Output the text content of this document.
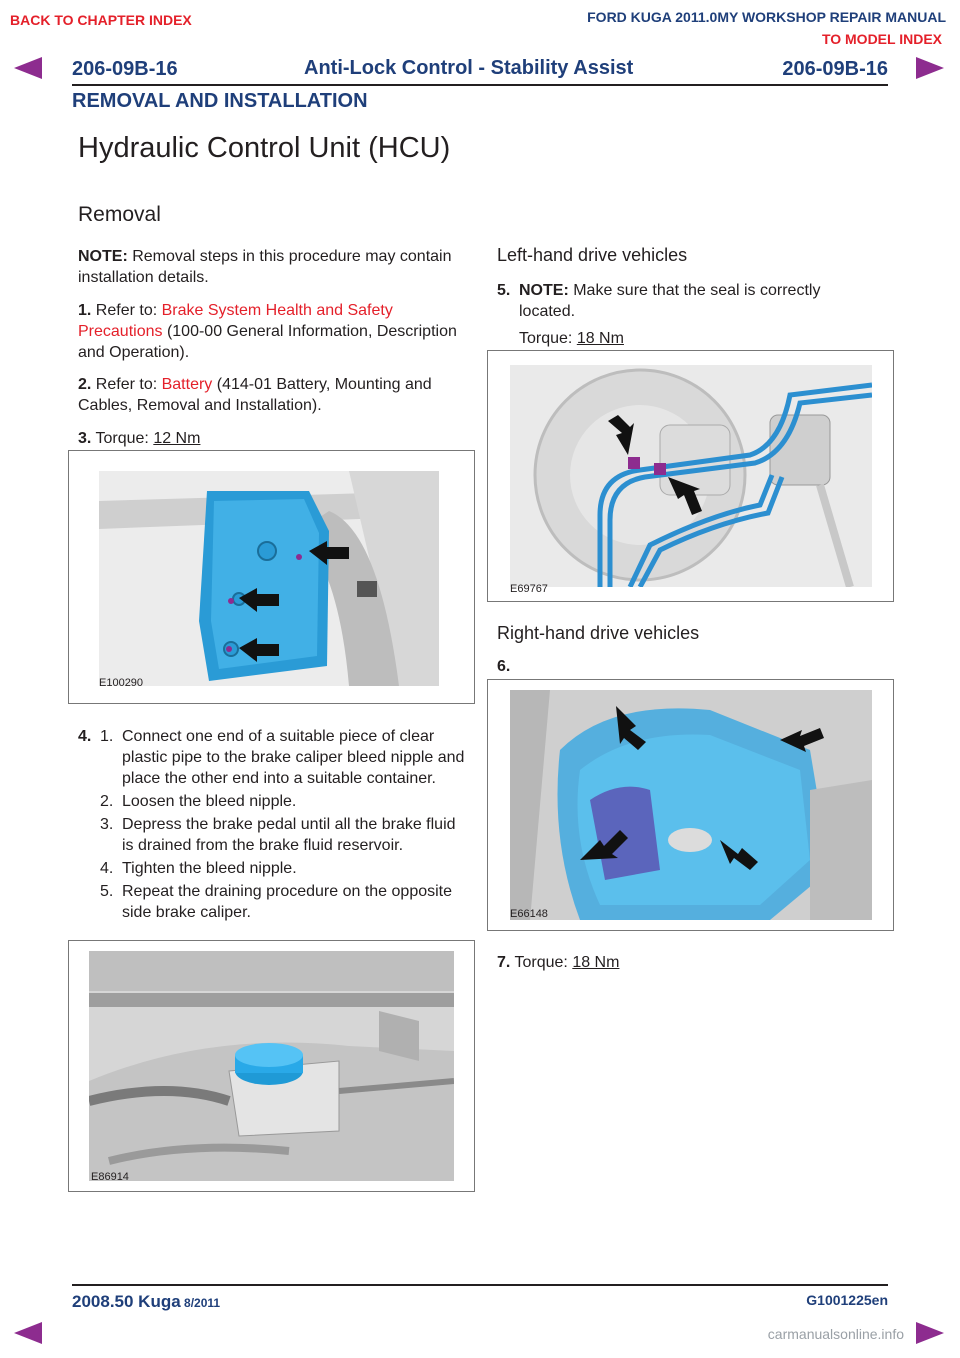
BACK TO CHAPTER INDEX	FORD KUGA 2011.0MY WORKSHOP REPAIR MANUAL
TO MODEL INDEX
206-09B-16	Anti-Lock Control - Stability Assist	206-09B-16
REMOVAL AND INSTALLATION
Hydraulic Control Unit (HCU)
Removal
NOTE: Removal steps in this procedure may contain installation details.
1. Refer to: Brake System Health and Safety Precautions (100-00 General Information, Description and Operation).
2. Refer to: Battery (414-01 Battery, Mounting and Cables, Removal and Installation).
3. Torque: 12 Nm
E100290
4. 1. Connect one end of a suitable piece of clear plastic pipe to the brake caliper bleed nipple and place the other end into a suitable container.
2. Loosen the bleed nipple.
3. Depress the brake pedal until all the brake fluid is drained from the brake fluid reservoir.
4. Tighten the bleed nipple.
5. Repeat the draining procedure on the opposite side brake caliper.
E86914
Left-hand drive vehicles
5. NOTE: Make sure that the seal is correctly located.
Torque: 18 Nm
E69767
Right-hand drive vehicles
6.
E66148
7. Torque: 18 Nm
2008.50 Kuga 8/2011	G1001225en
carmanualsonline.info
